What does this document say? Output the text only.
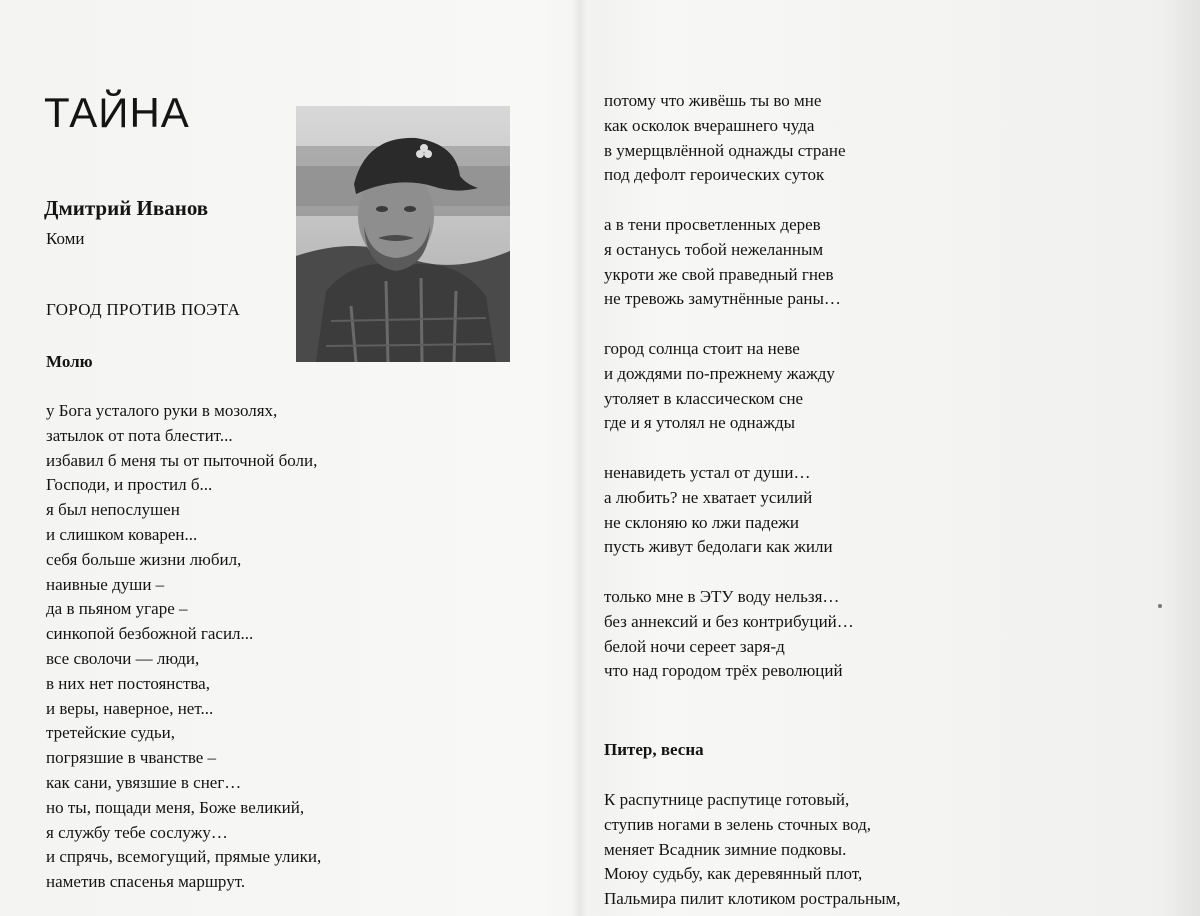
ТАЙНА
Дмитрий Иванов
Коми
ГОРОД ПРОТИВ ПОЭТА
Молю
у Бога усталого руки в мозолях,
затылок от пота блестит...
избавил б меня ты от пыточной боли,
Господи, и простил б...
я был непослушен
и слишком коварен...
себя больше жизни любил,
наивные души –
да в пьяном угаре –
синкопой безбожной гасил...
все сволочи — люди,
в них нет постоянства,
и веры, наверное, нет...
третейские судьи,
погрязшие в чванстве –
как сани, увязшие в снег…
но ты, пощади меня, Боже великий,
я службу тебе сослужу…
и спрячь, всемогущий, прямые улики,
наметив спасенья маршрут.
потому что живёшь ты во мне
как осколок вчерашнего чуда
в умерщвлённой однажды стране
под дефолт героических суток
а в тени просветленных дерев
я останусь тобой нежеланным
укроти же свой праведный гнев
не тревожь замутнённые раны…
город солнца стоит на неве
и дождями по-прежнему жажду
утоляет в классическом сне
где и я утолял не однажды
ненавидеть устал от души…
а любить? не хватает усилий
не склоняю ко лжи падежи
пусть живут бедолаги как жили
только мне в ЭТУ воду нельзя…
без аннексий и без контрибуций…
белой ночи сереет заря-д
что над городом трёх революций
Питер, весна
К распутнице распутице готовый,
ступив ногами в зелень сточных вод,
меняет Всадник зимние подковы.
Моюу судьбу, как деревянный плот,
Пальмира пилит клотиком ростральным,
